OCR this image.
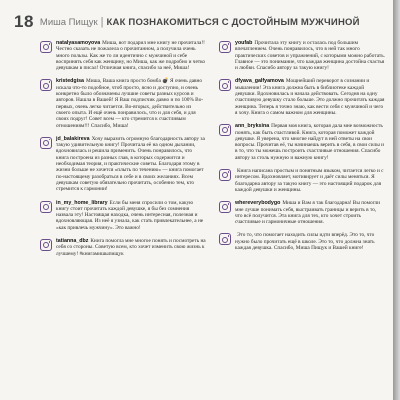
18 Миша Пищук | КАК ПОЗНАКОМИТЬСЯ С ДОСТОЙНЫМ МУЖЧИНОЙ

natalyasamoyova Миша, вот подарил мне книгу не прочитала!! Честно сказать не пожалела о прочитанном, а получила очень много пользы. Как же то ли идентично с мужчиной и себе воспринять себя как женщину, но Миша, как же подробно и четко девушкам в писал! Отличная книга, спасибо за неё, Миша!

kristedgisa Миша, Ваша книга просто бомба 💣 Я очень давно искала что-то подобное, чтоб просто, ясно и доступно, и очень конкретно было обозначены лучшие советы разных курсов и авторов. Нашла в Вашей! Я Ваш подписчик давно и по 100% Во-первых, очень легко читается. Во-вторых, действительно из своего опыта. И ещё очень понравилось, что и для себя, и для своих подруг! Совет всем — кто стремится к счастливым отношениям!!! Спасибо, Миша!

jd_balakireva Хочу выразить огромную благодарность автору за такую удивительную книгу! Прочитала её на одном дыхании, вдохновилась и решила применить. Очень понравилось, что книга построена из разных глав, в которых содержится и необходимая теория, и практические советы. Благодаря этому в жизни больше не хочется «плыть по течению» — книга помогает по-настоящему разобраться в себе и в своих желаниях. Всем девушкам советую обязательно прочитать, особенно тем, кто стремится к гармонии!

in_my_home_library Если бы меня спросили о том, какую книгу стоит прочитать каждой девушке, я бы без сомнения назвала эту! Настоящая находка, очень интересная, полезная и вдохновляющая. Из неё я узнала, как стать привлекательнее, а не «как привлечь мужчину». Это важно!

tatianna_dbz Книга помогла мне многое понять и посмотреть на себя со стороны. Советую всем, кто хочет изменить свою жизнь к лучшему! #книгамишыпищук

youfab Прочитала эту книгу и осталась под большим впечатлением. Очень понравилось, что в ней так много практических советов и упражнений, с которыми можно работать. Главное — это понимание, что каждая женщина достойна счастья и любви. Спасибо автору за такую книгу!

dfyava_galfyamova Мощнейший переворот в сознании и мышлении! Эта книга должна быть в библиотеке каждой девушки. Вдохновилась и начала действовать. Сегодня на одну счастливую девушку стало больше. Это должно прочитать каждая женщина. Теперь я точно знаю, как вести себя с мужчиной и чего я хочу. Книга о самом важном для женщины.

ann_bryksina Первая моя книга, которая дала мне возможность понять, как быть счастливой. Книга, которая поможет каждой девушке. Я уверена, что многие найдут в ней ответы на свои вопросы. Прочитав её, ты начинаешь верить в себя, в свои силы и в то, что ты можешь построить счастливые отношения. Спасибо автору за столь нужную и важную книгу!

Книга написана простым и понятным языком, читается легко и с интересом. Вдохновляет, мотивирует и даёт силы меняться. Я благодарна автору за такую книгу — это настоящий подарок для каждой девушки и женщины.

whereverybodygo Миша и Вам я так благодарна! Вы помогли мне лучше понимать себя, выстраивать границы и верить в то, что всё получится. Эта книга для тех, кто хочет строить счастливые и гармоничные отношения.

Это то, что помогает находить силы идти вперёд. Это то, что нужно было прочитать ещё в школе. Это то, что должна знать каждая девушка. Спасибо, Миша Пищук и Вашей книге!
